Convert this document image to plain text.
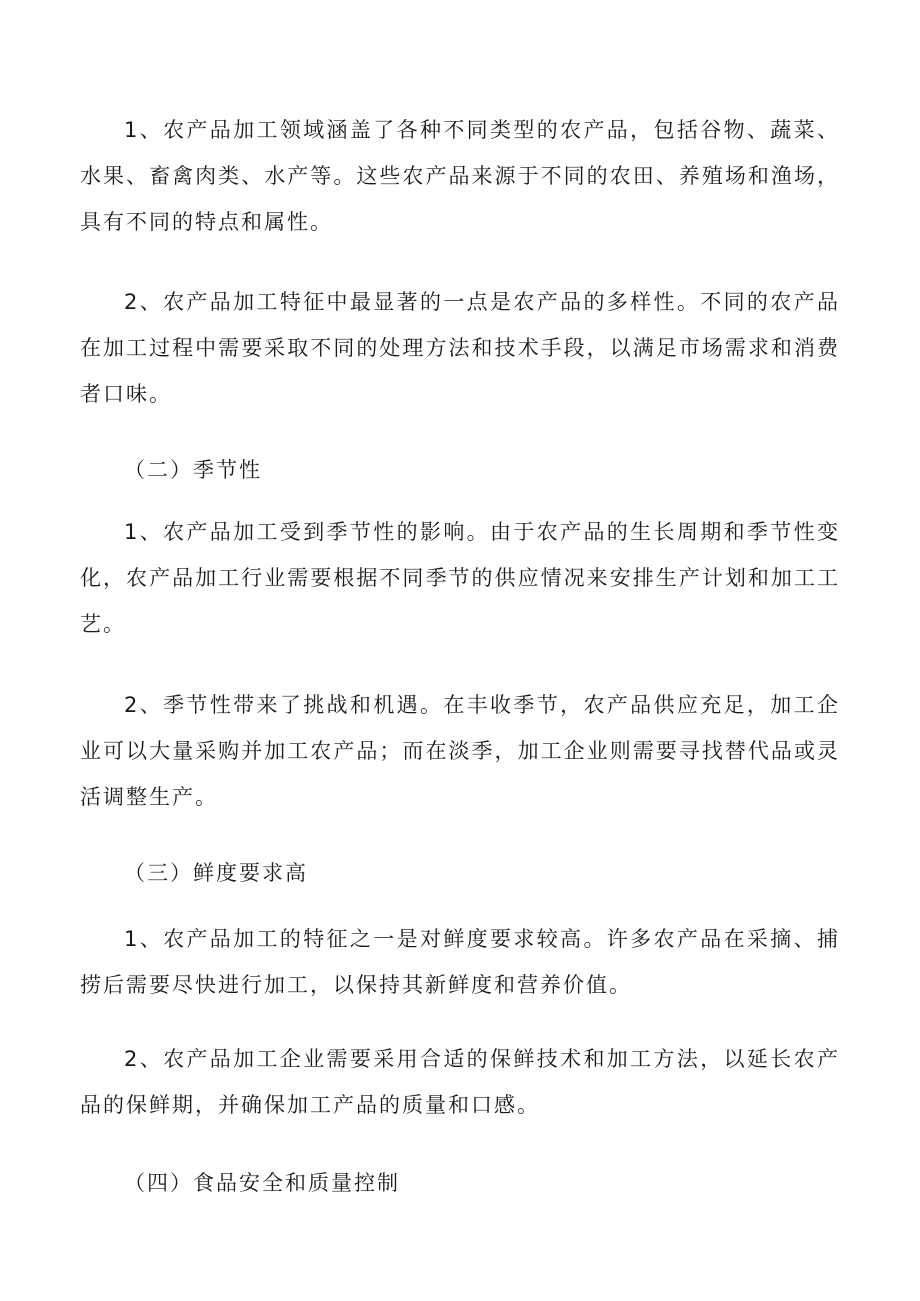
1、农产品加工领域涵盖了各种不同类型的农产品，包括谷物、蔬菜、水果、畜禽肉类、水产等。这些农产品来源于不同的农田、养殖场和渔场，具有不同的特点和属性。

2、农产品加工特征中最显著的一点是农产品的多样性。不同的农产品在加工过程中需要采取不同的处理方法和技术手段，以满足市场需求和消费者口味。

（二）季节性

1、农产品加工受到季节性的影响。由于农产品的生长周期和季节性变化，农产品加工行业需要根据不同季节的供应情况来安排生产计划和加工工艺。

2、季节性带来了挑战和机遇。在丰收季节，农产品供应充足，加工企业可以大量采购并加工农产品；而在淡季，加工企业则需要寻找替代品或灵活调整生产。

（三）鲜度要求高

1、农产品加工的特征之一是对鲜度要求较高。许多农产品在采摘、捕捞后需要尽快进行加工，以保持其新鲜度和营养价值。

2、农产品加工企业需要采用合适的保鲜技术和加工方法，以延长农产品的保鲜期，并确保加工产品的质量和口感。

（四）食品安全和质量控制
